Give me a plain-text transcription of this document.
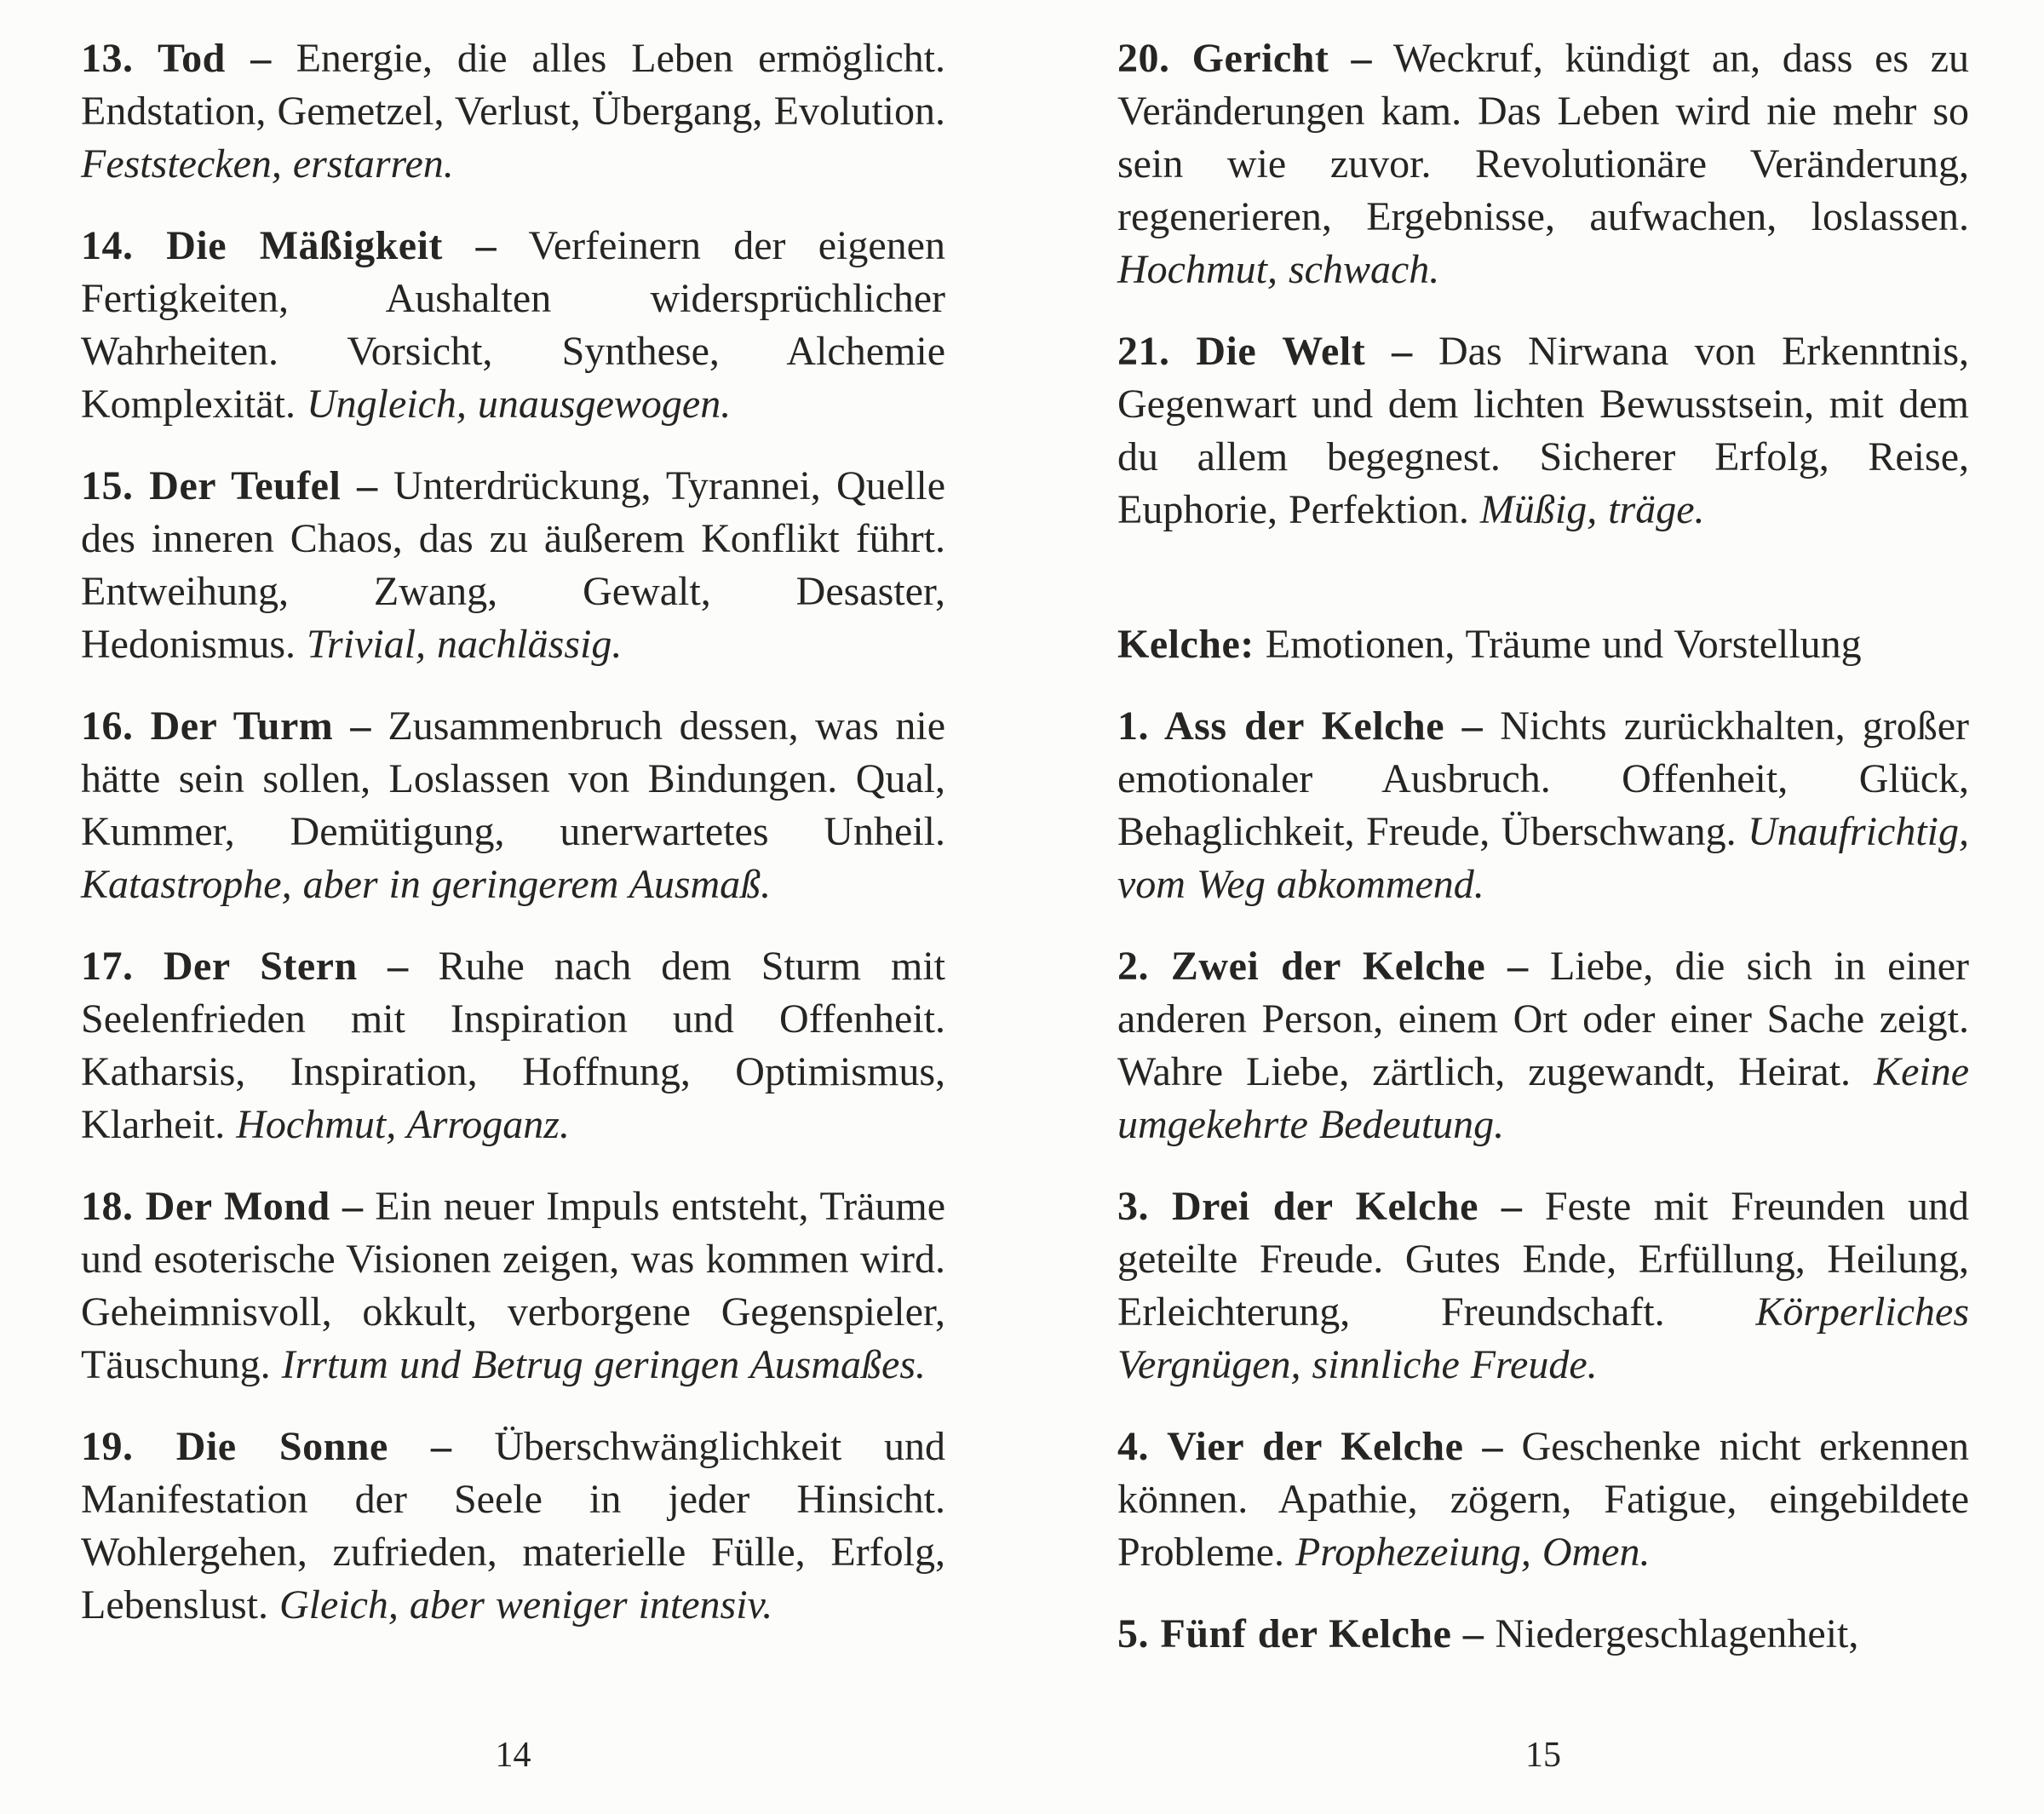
13. Tod – Energie, die alles Leben ermöglicht. Endstation, Gemetzel, Verlust, Übergang, Evolution. Feststecken, erstarren.

14. Die Mäßigkeit – Verfeinern der eigenen Fertigkeiten, Aushalten widersprüchlicher Wahrheiten. Vorsicht, Synthese, Alchemie Komplexität. Ungleich, unausgewogen.

15. Der Teufel – Unterdrückung, Tyrannei, Quelle des inneren Chaos, das zu äußerem Konflikt führt. Entweihung, Zwang, Gewalt, Desaster, Hedonismus. Trivial, nachlässig.

16. Der Turm – Zusammenbruch dessen, was nie hätte sein sollen, Loslassen von Bindungen. Qual, Kummer, Demütigung, unerwartetes Unheil. Katastrophe, aber in geringerem Ausmaß.

17. Der Stern – Ruhe nach dem Sturm mit Seelenfrieden mit Inspiration und Offenheit. Katharsis, Inspiration, Hoffnung, Optimismus, Klarheit. Hochmut, Arroganz.

18. Der Mond – Ein neuer Impuls entsteht, Träume und esoterische Visionen zeigen, was kommen wird. Geheimnisvoll, okkult, verborgene Gegenspieler, Täuschung. Irrtum und Betrug geringen Ausmaßes.

19. Die Sonne – Überschwänglichkeit und Manifestation der Seele in jeder Hinsicht. Wohlergehen, zufrieden, materielle Fülle, Erfolg, Lebenslust. Gleich, aber weniger intensiv.

14

20. Gericht – Weckruf, kündigt an, dass es zu Veränderungen kam. Das Leben wird nie mehr so sein wie zuvor. Revolutionäre Veränderung, regenerieren, Ergebnisse, aufwachen, loslassen. Hochmut, schwach.

21. Die Welt – Das Nirwana von Erkenntnis, Gegenwart und dem lichten Bewusstsein, mit dem du allem begegnest. Sicherer Erfolg, Reise, Euphorie, Perfektion. Müßig, träge.

Kelche: Emotionen, Träume und Vorstellung

1. Ass der Kelche – Nichts zurückhalten, großer emotionaler Ausbruch. Offenheit, Glück, Behaglichkeit, Freude, Überschwang. Unaufrichtig, vom Weg abkommend.

2. Zwei der Kelche – Liebe, die sich in einer anderen Person, einem Ort oder einer Sache zeigt. Wahre Liebe, zärtlich, zugewandt, Heirat. Keine umgekehrte Bedeutung.

3. Drei der Kelche – Feste mit Freunden und geteilte Freude. Gutes Ende, Erfüllung, Heilung, Erleichterung, Freundschaft. Körperliches Vergnügen, sinnliche Freude.

4. Vier der Kelche – Geschenke nicht erkennen können. Apathie, zögern, Fatigue, eingebildete Probleme. Prophezeiung, Omen.

5. Fünf der Kelche – Niedergeschlagenheit,

15
